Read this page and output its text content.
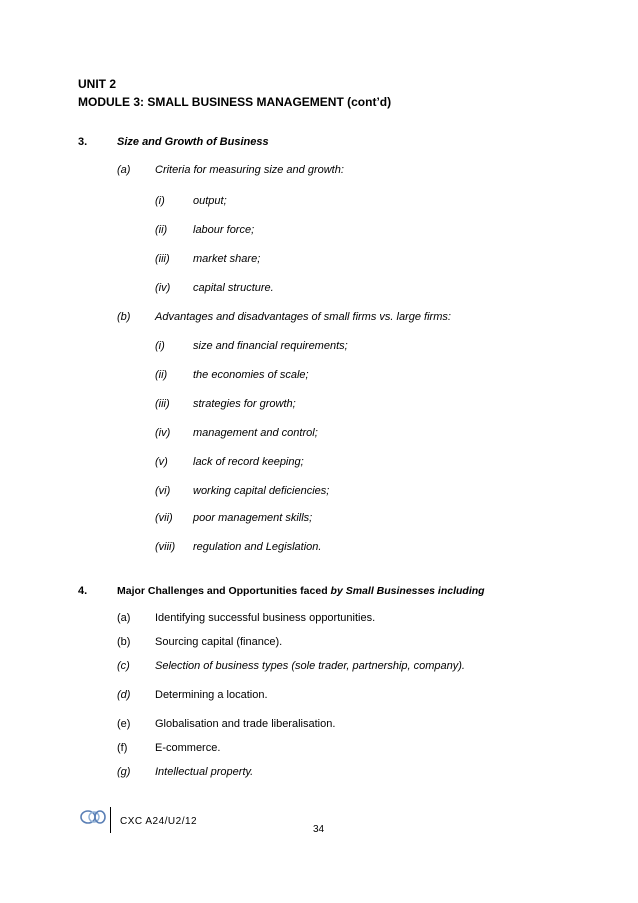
UNIT 2
MODULE 3: SMALL BUSINESS MANAGEMENT (cont’d)
3.	Size and Growth of Business
(a) Criteria for measuring size and growth:
(i)	output;
(ii) labour force;
(iii) market share;
(iv) capital structure.
(b) Advantages and disadvantages of small firms vs. large firms:
(i)	size and financial requirements;
(ii) the economies of scale;
(iii) strategies for growth;
(iv) management and control;
(v) lack of record keeping;
(vi) working capital deficiencies;
(vii) poor management skills;
(viii) regulation and Legislation.
4.	Major Challenges and Opportunities faced by Small Businesses including
(a) Identifying successful business opportunities.
(b) Sourcing capital (finance).
(c) Selection of business types (sole trader, partnership, company).
(d) Determining a location.
(e) Globalisation and trade liberalisation.
(f)	E-commerce.
(g) Intellectual property.
CXC A24/U2/12
34
